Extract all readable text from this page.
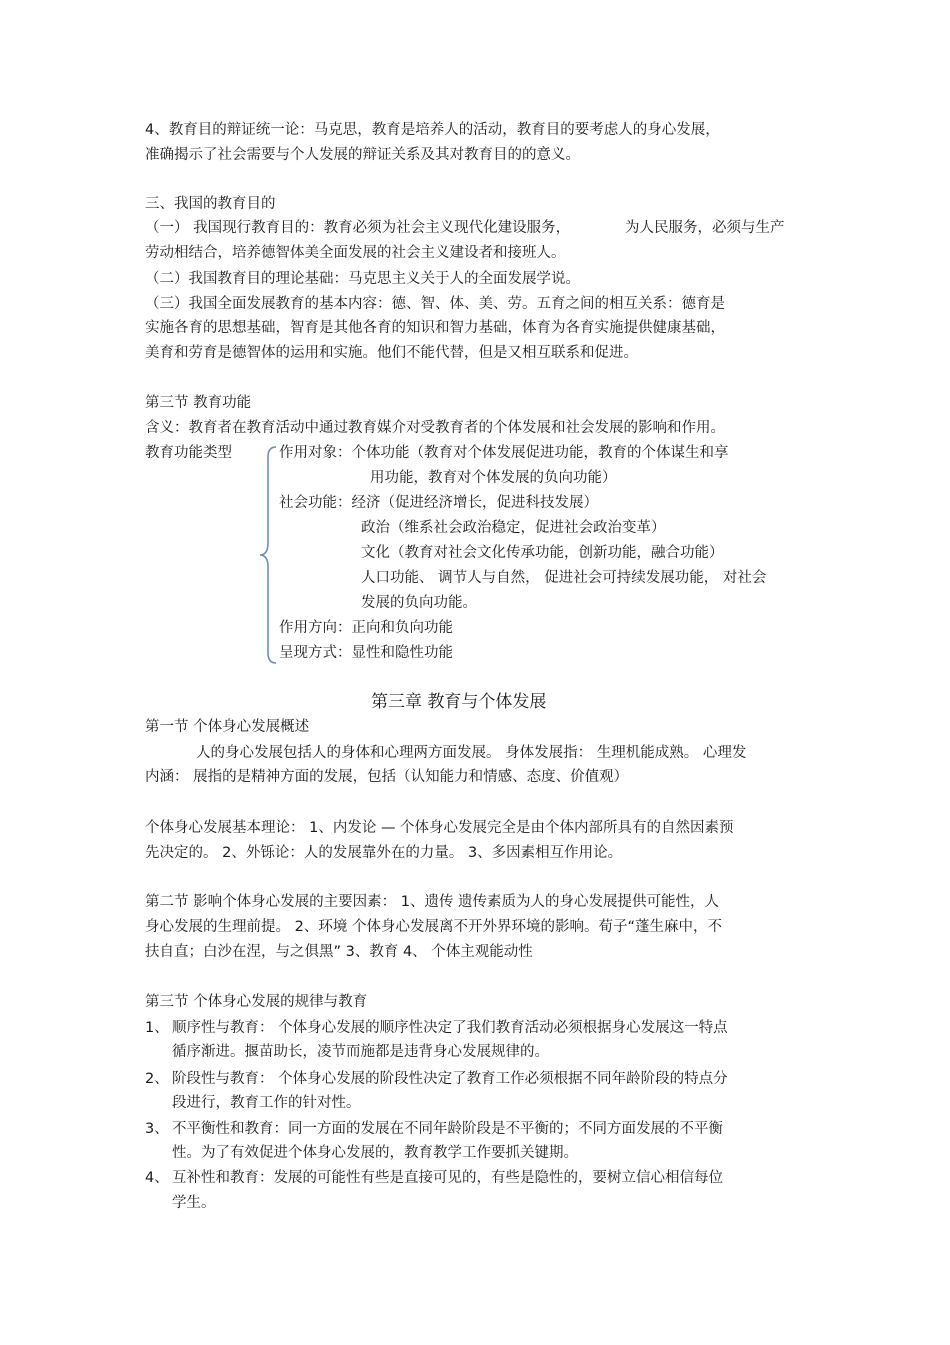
4、教育目的辩证统一论：马克思，教育是培养人的活动，教育目的要考虑人的身心发展，
准确揭示了社会需要与个人发展的辩证关系及其对教育目的的意义。
三、我国的教育目的
（一） 我国现行教育目的：教育必须为社会主义现代化建设服务，	为人民服务，必须与生产
劳动相结合，培养德智体美全面发展的社会主义建设者和接班人。
（二）我国教育目的理论基础：马克思主义关于人的全面发展学说。
（三）我国全面发展教育的基本内容：德、智、体、美、劳。五育之间的相互关系：德育是
实施各育的思想基础，智育是其他各育的知识和智力基础，体育为各育实施提供健康基础，
美育和劳育是德智体的运用和实施。他们不能代替，但是又相互联系和促进。
第三节 教育功能
含义：教育者在教育活动中通过教育媒介对受教育者的个体发展和社会发展的影响和作用。
教育功能类型	作用对象：个体功能（教育对个体发展促进功能，教育的个体谋生和享
用功能，教育对个体发展的负向功能）
社会功能：经济（促进经济增长，促进科技发展）
政治（维系社会政治稳定，促进社会政治变革）
文化（教育对社会文化传承功能，创新功能，融合功能）
人口功能、 调节人与自然， 促进社会可持续发展功能， 对社会
发展的负向功能。
作用方向：正向和负向功能
呈现方式：显性和隐性功能
第三章 教育与个体发展
第一节 个体身心发展概述
人的身心发展包括人的身体和心理两方面发展。 身体发展指： 生理机能成熟。 心理发
内涵： 展指的是精神方面的发展，包括（认知能力和情感、态度、价值观）
个体身心发展基本理论： 1、内发论 — 个体身心发展完全是由个体内部所具有的自然因素预
先决定的。 2、外铄论：人的发展靠外在的力量。 3、多因素相互作用论。
第二节 影响个体身心发展的主要因素： 1、遗传 遗传素质为人的身心发展提供可能性，人
身心发展的生理前提。 2、环境 个体身心发展离不开外界环境的影响。荀子“蓬生麻中，不
扶自直；白沙在涅，与之俱黑” 3、教育 4、 个体主观能动性
第三节 个体身心发展的规律与教育
1、 顺序性与教育： 个体身心发展的顺序性决定了我们教育活动必须根据身心发展这一特点
循序渐进。揠苗助长，凌节而施都是违背身心发展规律的。
2、 阶段性与教育： 个体身心发展的阶段性决定了教育工作必须根据不同年龄阶段的特点分
段进行，教育工作的针对性。
3、 不平衡性和教育：同一方面的发展在不同年龄阶段是不平衡的；不同方面发展的不平衡
性。为了有效促进个体身心发展的，教育教学工作要抓关键期。
4、 互补性和教育：发展的可能性有些是直接可见的，有些是隐性的，要树立信心相信每位
学生。
